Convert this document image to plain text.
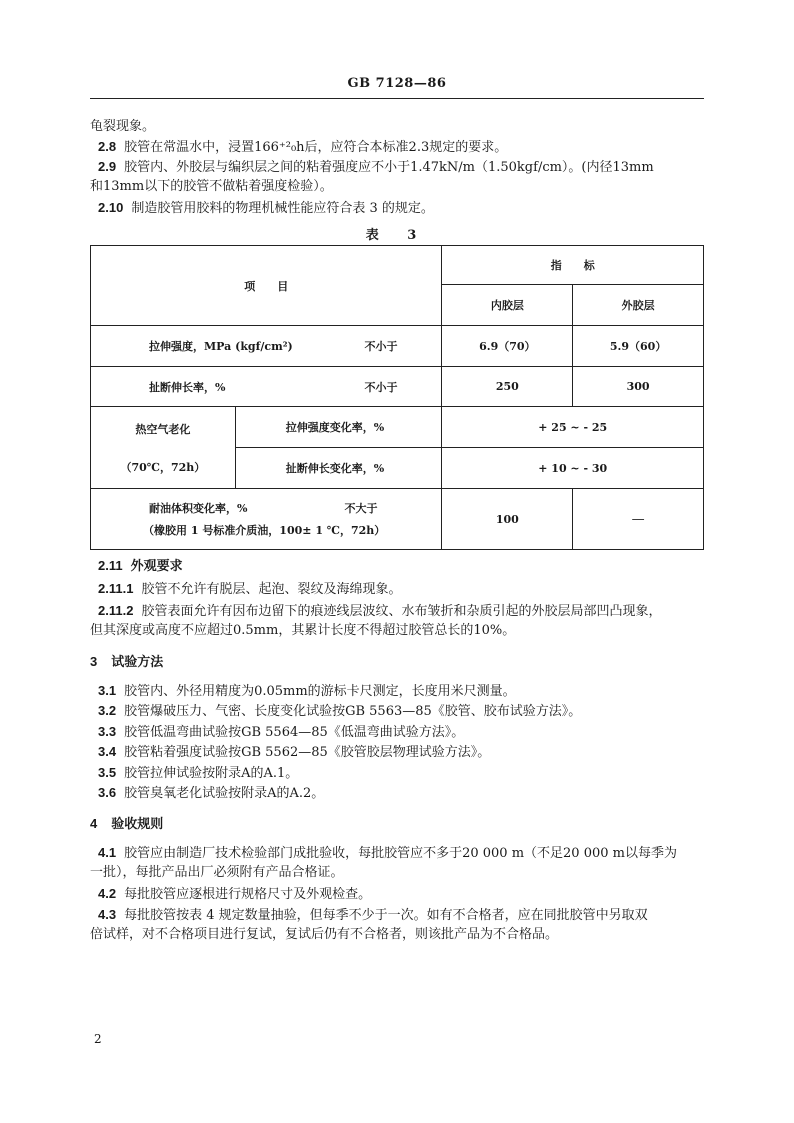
GB 7128—86
龟裂现象。
2.8 胶管在常温水中，浸置166⁺²₀h后，应符合本标准2.3规定的要求。
2.9 胶管内、外胶层与编织层之间的粘着强度应不小于1.47kN/m（1.50kgf/cm）。(内径13mm
和13mm以下的胶管不做粘着强度检验）。
2.10 制造胶管用胶料的物理机械性能应符合表 3 的规定。
表 3
项　　目		指　　标	
		内胶层	外胶层

拉伸强度，MPa (kgf/cm²) 不小于		6.9（70）	5.9（60）

扯断伸长率，% 不小于		250	300

热空气老化
（70℃，72h）	拉伸强度变化率，%	+ 25 ~ - 25	
	扯断伸长变化率，%	+ 10 ~ - 30	

耐油体积变化率，% 不大于
（橡胶用 1 号标准介质油，100± 1 ℃，72h）		100	—
2.11 外观要求
2.11.1 胶管不允许有脱层、起泡、裂纹及海绵现象。
2.11.2 胶管表面允许有因布边留下的痕迹线层波纹、水布皱折和杂质引起的外胶层局部凹凸现象，
但其深度或高度不应超过0.5mm，其累计长度不得超过胶管总长的10%。
3 试验方法
3.1 胶管内、外径用精度为0.05mm的游标卡尺测定，长度用米尺测量。
3.2 胶管爆破压力、气密、长度变化试验按GB 5563—85《胶管、胶布试验方法》。
3.3 胶管低温弯曲试验按GB 5564—85《低温弯曲试验方法》。
3.4 胶管粘着强度试验按GB 5562—85《胶管胶层物理试验方法》。
3.5 胶管拉伸试验按附录A的A.1。
3.6 胶管臭氧老化试验按附录A的A.2。
4 验收规则
4.1 胶管应由制造厂技术检验部门成批验收，每批胶管应不多于20 000 m（不足20 000 m以每季为
一批），每批产品出厂必须附有产品合格证。
4.2 每批胶管应逐根进行规格尺寸及外观检查。
4.3 每批胶管按表 4 规定数量抽验，但每季不少于一次。如有不合格者，应在同批胶管中另取双
倍试样，对不合格项目进行复试，复试后仍有不合格者，则该批产品为不合格品。
2
